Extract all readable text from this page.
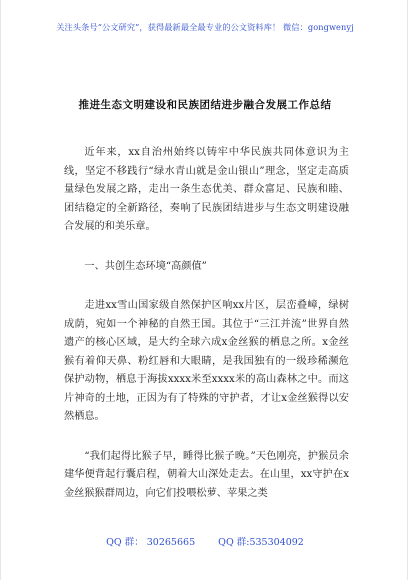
关注头条号“公文研究”，获得最新最全最专业的公文资料库！ 微信：gongwenyj
推进生态文明建设和民族团结进步融合发展工作总结

近年来，xx自治州始终以铸牢中华民族共同体意识为主线，坚定不移践行“绿水青山就是金山银山”理念，坚定走高质量绿色发展之路，走出一条生态优美、群众富足、民族和睦、团结稳定的全新路径，奏响了民族团结进步与生态文明建设融合发展的和美乐章。

一、共创生态环境“高颜值”

走进xx雪山国家级自然保护区响xx片区，层峦叠嶂，绿树成荫，宛如一个神秘的自然王国。其位于“三江并流”世界自然遗产的核心区域，是大约全球六成x金丝猴的栖息之所。x金丝猴有着仰天鼻、粉红唇和大眼睛，是我国独有的一级珍稀濒危保护动物，栖息于海拔xxxx米至xxxx米的高山森林之中。而这片神奇的土地，正因为有了特殊的守护者，才让x金丝猴得以安然栖息。

“我们起得比猴子早，睡得比猴子晚。”天色刚亮，护猴员余建华便背起行囊启程，朝着大山深处走去。在山里，xx守护在x金丝猴猴群周边，向它们投喂松萝、苹果之类

QQ 群： 30265665 QQ 群:535304092
